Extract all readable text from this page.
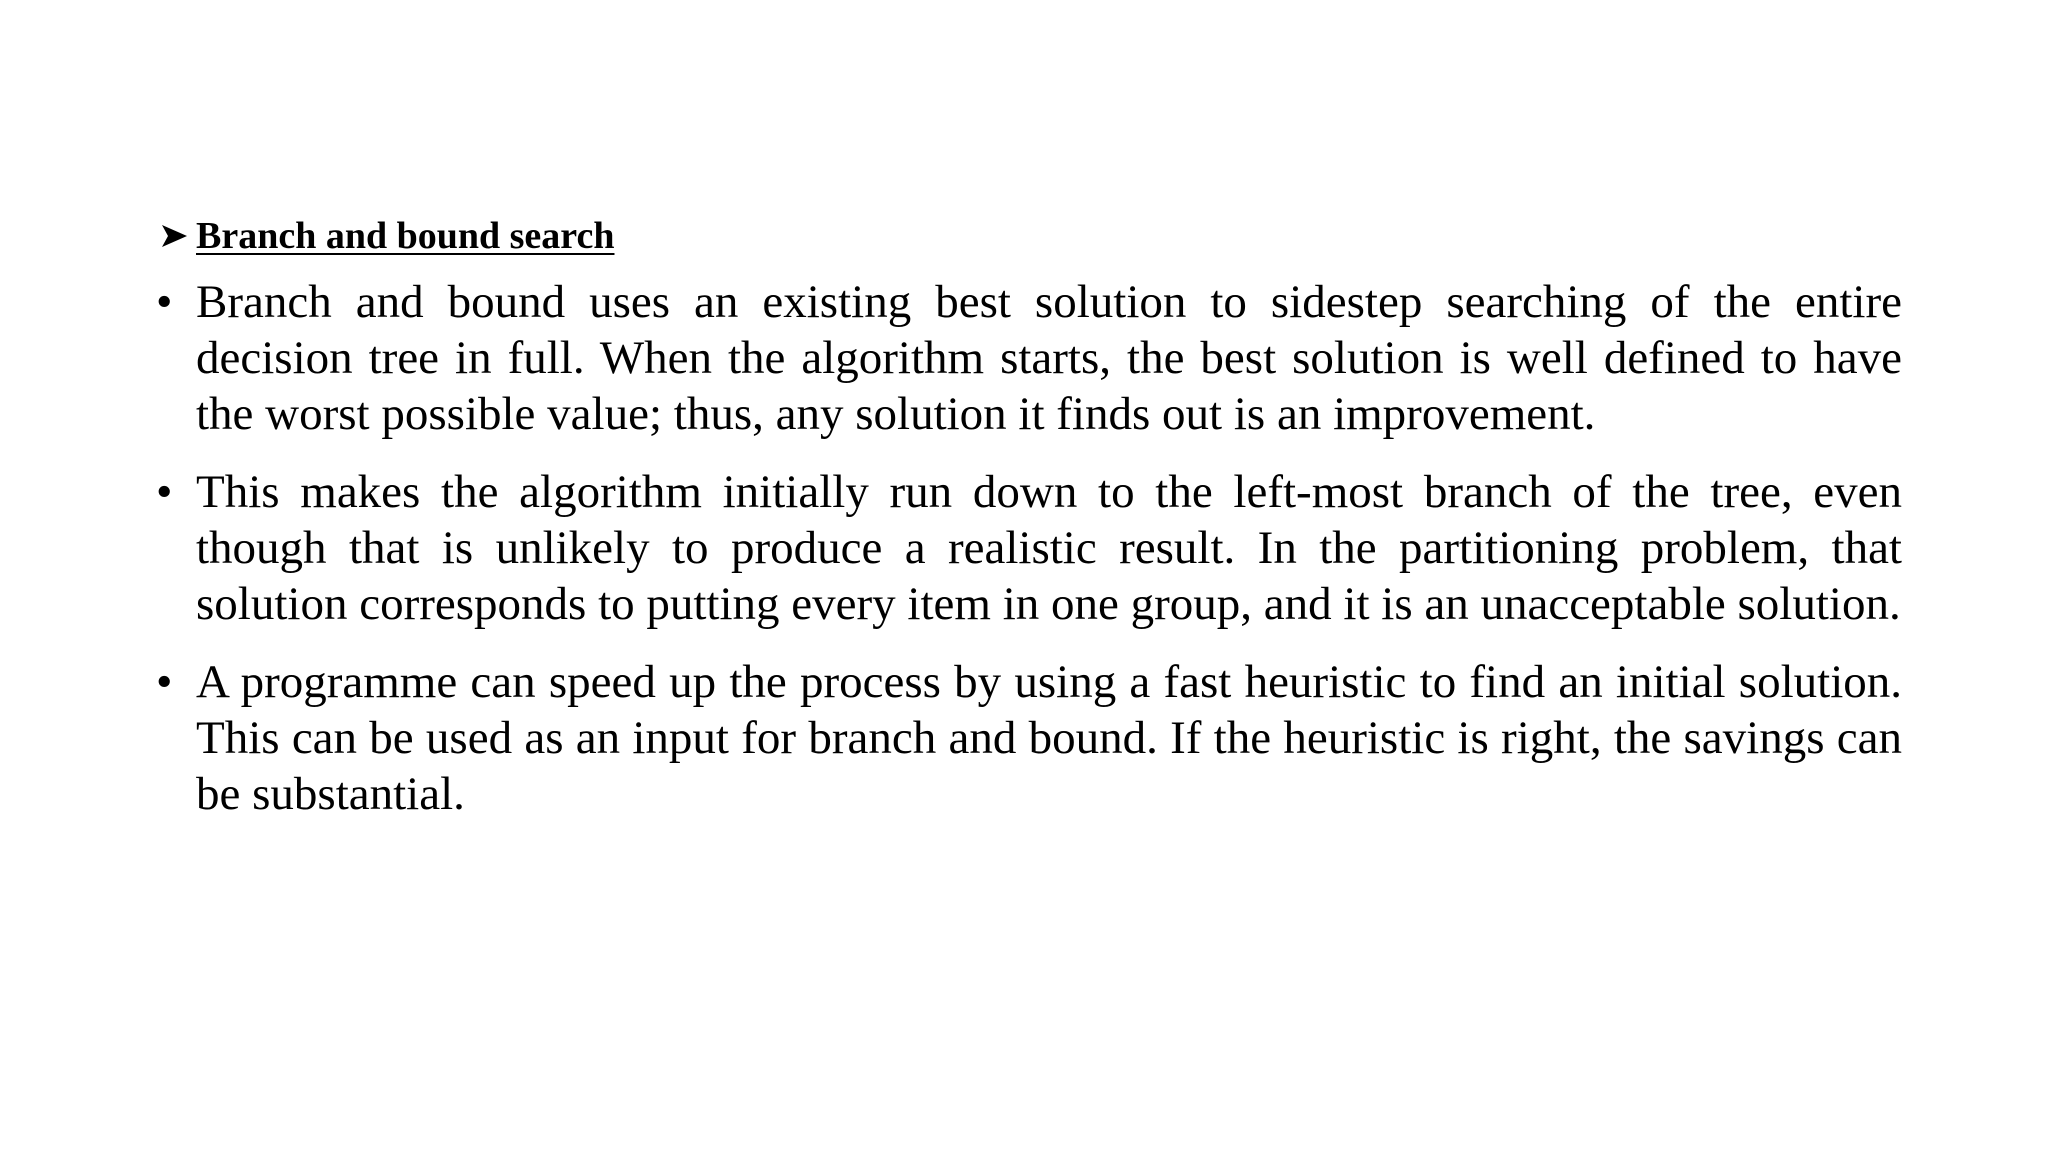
Branch and bound search
• Branch and bound uses an existing best solution to sidestep searching of the entire decision tree in full. When the algorithm starts, the best solution is well defined to have the worst possible value; thus, any solution it finds out is an improvement.
• This makes the algorithm initially run down to the left-most branch of the tree, even though that is unlikely to produce a realistic result. In the partitioning problem, that solution corresponds to putting every item in one group, and it is an unacceptable solution.
• A programme can speed up the process by using a fast heuristic to find an initial solution. This can be used as an input for branch and bound. If the heuristic is right, the savings can be substantial.
